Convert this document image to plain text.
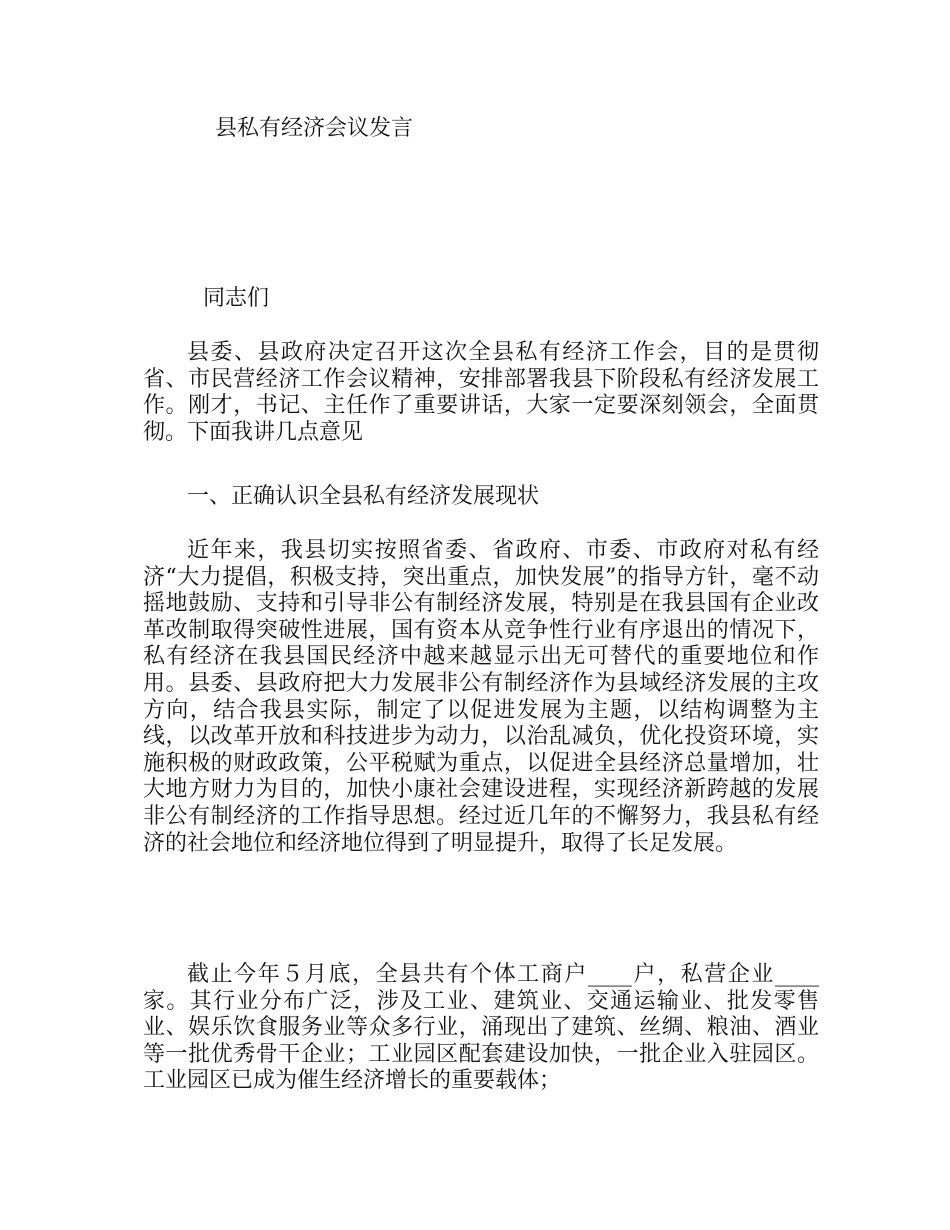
县私有经济会议发言
同志们

县委、县政府决定召开这次全县私有经济工作会，目的是贯彻省、市民营经济工作会议精神，安排部署我县下阶段私有经济发展工作。刚才，书记、主任作了重要讲话，大家一定要深刻领会，全面贯彻。下面我讲几点意见

一、正确认识全县私有经济发展现状

近年来，我县切实按照省委、省政府、市委、市政府对私有经济“大力提倡，积极支持，突出重点，加快发展”的指导方针，毫不动摇地鼓励、支持和引导非公有制经济发展，特别是在我县国有企业改革改制取得突破性进展，国有资本从竞争性行业有序退出的情况下，私有经济在我县国民经济中越来越显示出无可替代的重要地位和作用。县委、县政府把大力发展非公有制经济作为县域经济发展的主攻方向，结合我县实际，制定了以促进发展为主题，以结构调整为主线，以改革开放和科技进步为动力，以治乱减负，优化投资环境，实施积极的财政政策，公平税赋为重点，以促进全县经济总量增加，壮大地方财力为目的，加快小康社会建设进程，实现经济新跨越的发展非公有制经济的工作指导思想。经过近几年的不懈努力，我县私有经济的社会地位和经济地位得到了明显提升，取得了长足发展。

截止今年５月底，全县共有个体工商户____户，私营企业____家。其行业分布广泛，涉及工业、建筑业、交通运输业、批发零售业、娱乐饮食服务业等众多行业，涌现出了建筑、丝绸、粮油、酒业等一批优秀骨干企业；工业园区配套建设加快，一批企业入驻园区。工业园区已成为催生经济增长的重要载体；
